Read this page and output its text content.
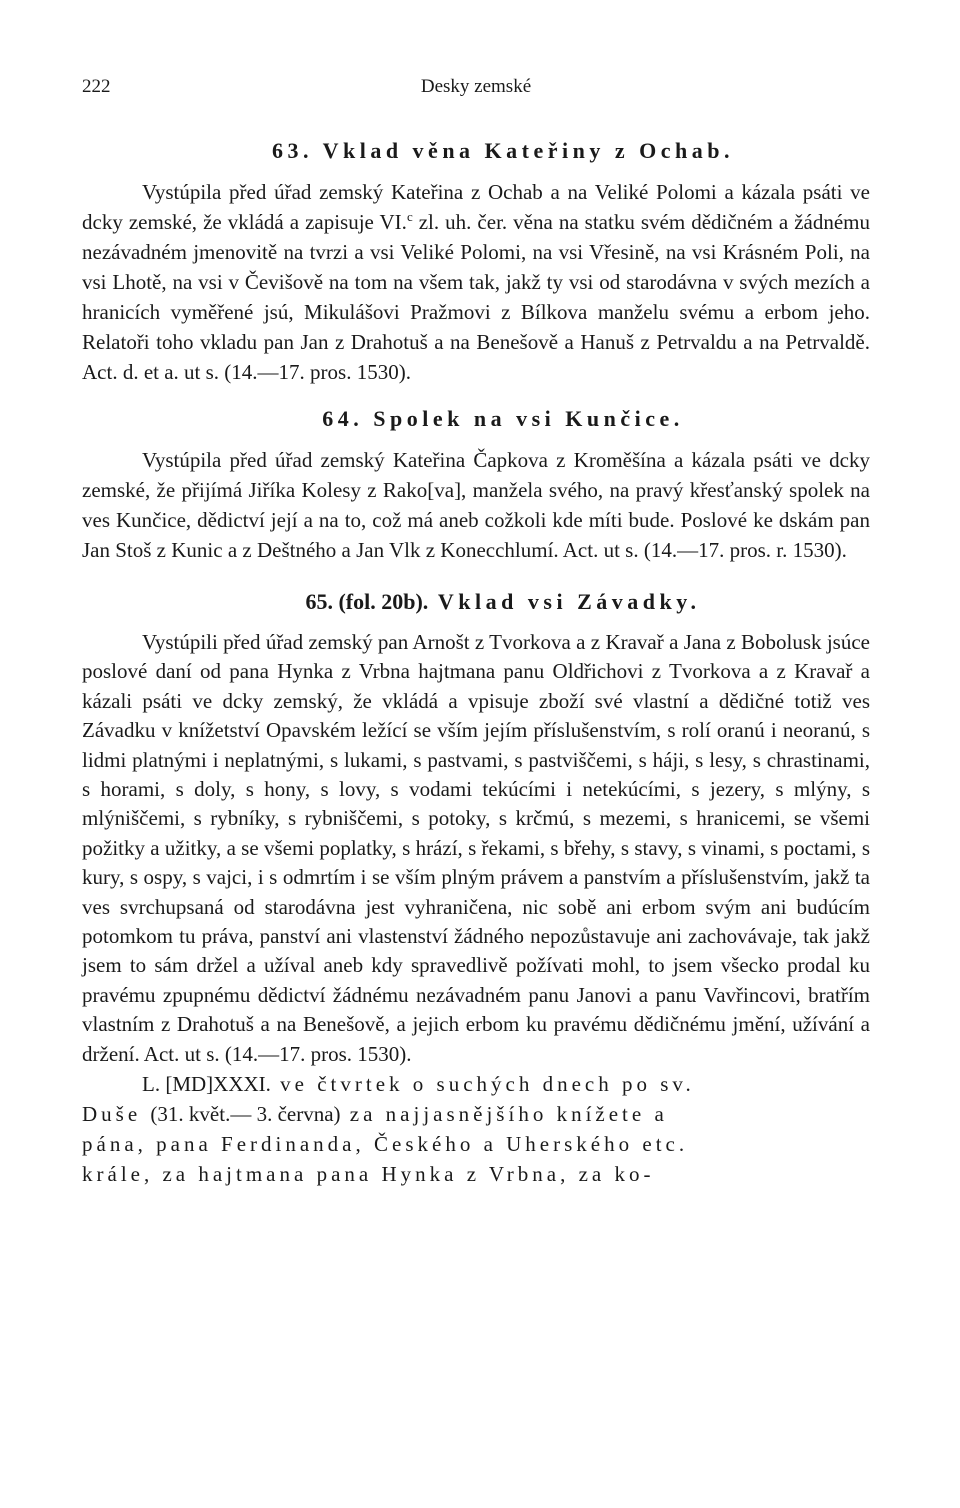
222	Desky zemské
63. Vklad věna Kateřiny z Ochab.

Vystúpila před úřad zemský Kateřina z Ochab a na Veliké Polomi a kázala psáti ve dcky zemské, že vkládá a zapisuje VI.$^c$ zl. uh. čer. věna na statku svém dědičném a žádnému nezávadném jmenovitě na tvrzi a vsi Veliké Polomi, na vsi Vřesině, na vsi Krásném Poli, na vsi Lhotě, na vsi v Čevišově na tom na všem tak, jakž ty vsi od starodávna v svých mezích a hranicích vyměřené jsú, Mikulášovi Pražmovi z Bílkova manželu svému a erbom jeho. Relatoři toho vkladu pan Jan z Drahotuš a na Benešově a Hanuš z Petrvaldu a na Petrvaldě. Act. d. et a. ut s. (14.—17. pros. 1530).

64. Spolek na vsi Kunčice.

Vystúpila před úřad zemský Kateřina Čapkova z Kroměšína a kázala psáti ve dcky zemské, že přijímá Jiříka Kolesy z Rako[va], manžela svého, na pravý křesťanský spolek na ves Kunčice, dědictví její a na to, což má aneb cožkoli kde míti bude. Poslové ke dskám pan Jan Stoš z Kunic a z Deštného a Jan Vlk z Konecchlumí. Act. ut s. (14.—17. pros. r. 1530).

65. (fol. 20b). Vklad vsi Závadky.

Vystúpili před úřad zemský pan Arnošt z Tvorkova a z Kravař a Jana z Bobolusk jsúce poslové daní od pana Hynka z Vrbna hajtmana panu Oldřichovi z Tvorkova a z Kravař a kázali psáti ve dcky zemský, že vkládá a vpisuje zboží své vlastní a dědičné totiž ves Závadku v knížetství Opavském ležící se vším jejím příslušenstvím, s rolí oranú i neoranú, s lidmi platnými i neplatnými, s lukami, s pastvami, s pastviščemi, s háji, s lesy, s chrastinami, s horami, s doly, s hony, s lovy, s vodami tekúcími i netekúcími, s jezery, s mlýny, s mlýniščemi, s rybníky, s rybniščemi, s potoky, s krčmú, s mezemi, s hranicemi, se všemi požitky a užitky, a se všemi poplatky, s hrází, s řekami, s břehy, s stavy, s vinami, s poctami, s kury, s ospy, s vajci, i s odmrtím i se vším plným právem a panstvím a příslušenstvím, jakž ta ves svrchupsaná od starodávna jest vyhraničena, nic sobě ani erbom svým ani budúcím potomkom tu práva, panství ani vlastenství žádného nepozůstavuje ani zachovávaje, tak jakž jsem to sám držel a užíval aneb kdy spravedlivě požívati mohl, to jsem všecko prodal ku pravému zpupnému dědictví žádnému nezávadném panu Janovi a panu Vavřincovi, bratřím vlastním z Drahotuš a na Benešově, a jejich erbom ku pravému dědičnému jmění, užívání a držení. Act. ut s. (14.—17. pros. 1530).

L. [MD]XXXI. ve čtvrtek o suchých dnech po sv.

Duše (31. květ.— 3. června) za najjasnějšího knížete a

pána, pana Ferdinanda, Českého a Uherského etc.

krále, za hajtmana pana Hynka z Vrbna, za ko-
